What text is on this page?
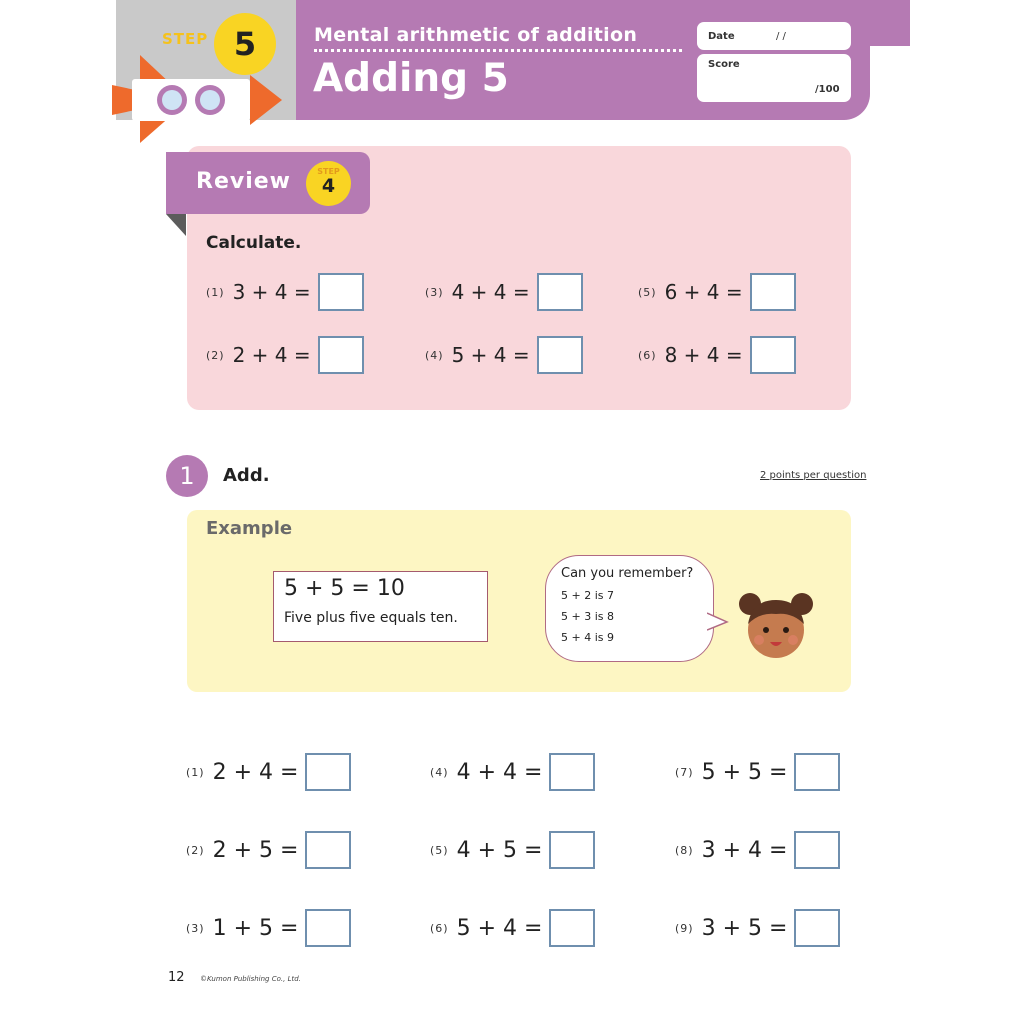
STEP 5	Mental arithmetic of addition
Adding 5
Date	/ /
Score
/100
Review	STEP
4
Calculate.
(1) 3 + 4 =
(2) 2 + 4 =
(3) 4 + 4 =
(4) 5 + 4 =
(5) 6 + 4 =
(6) 8 + 4 =
1	Add.	2 points per question
Example
5 + 5 = 10
Five plus five equals ten.
Can you remember?
5 + 2 is 7
5 + 3 is 8
5 + 4 is 9
(1) 2 + 4 =
(2) 2 + 5 =
(3) 1 + 5 =
(4) 4 + 4 =
(5) 4 + 5 =
(6) 5 + 4 =
(7) 5 + 5 =
(8) 3 + 4 =
(9) 3 + 5 =
12 ©Kumon Publishing Co., Ltd.
